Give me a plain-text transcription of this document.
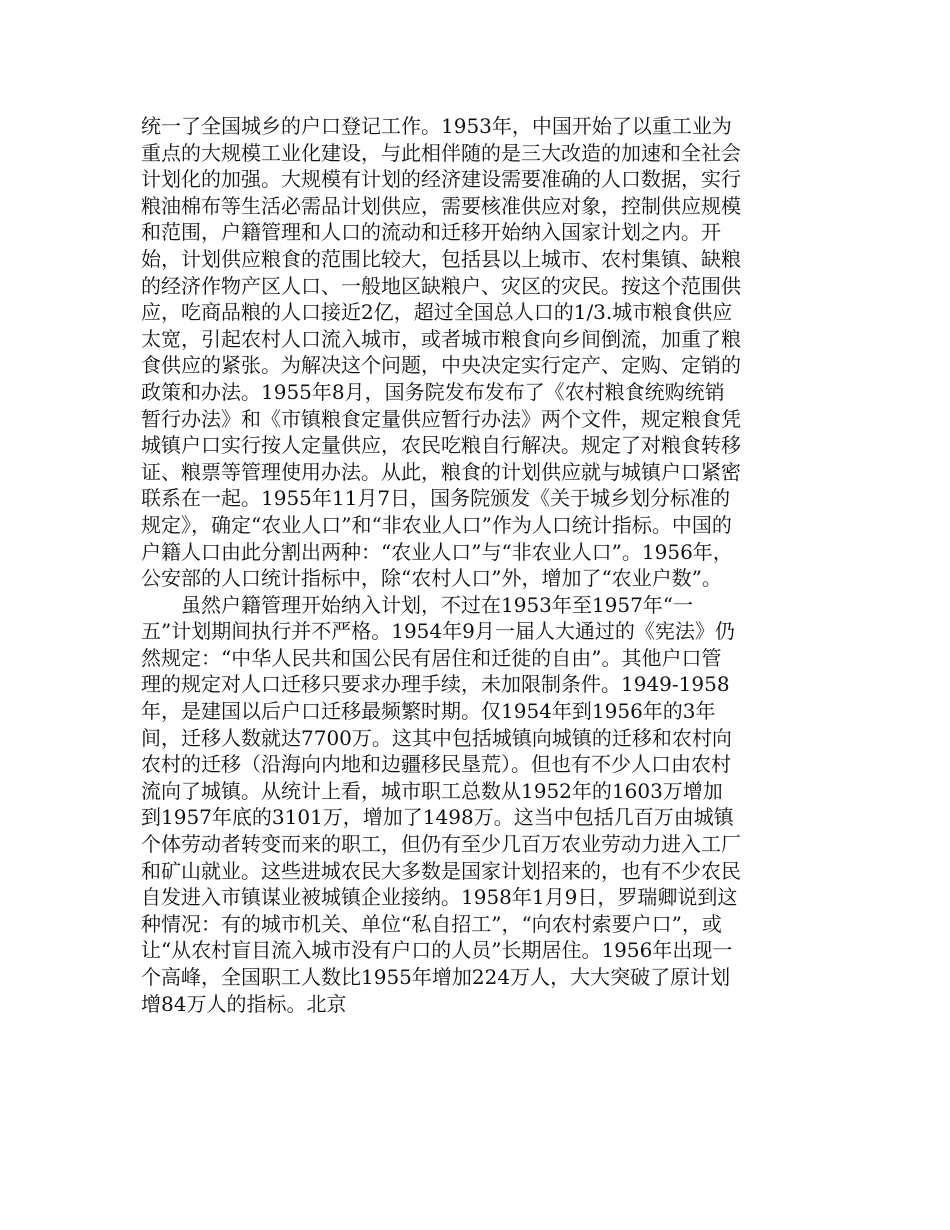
统一了全国城乡的户口登记工作。1953年，中国开始了以重工业为重点的大规模工业化建设，与此相伴随的是三大改造的加速和全社会计划化的加强。大规模有计划的经济建设需要准确的人口数据，实行粮油棉布等生活必需品计划供应，需要核准供应对象，控制供应规模和范围，户籍管理和人口的流动和迁移开始纳入国家计划之内。开始，计划供应粮食的范围比较大，包括县以上城市、农村集镇、缺粮的经济作物产区人口、一般地区缺粮户、灾区的灾民。按这个范围供应，吃商品粮的人口接近2亿，超过全国总人口的1/3.城市粮食供应太宽，引起农村人口流入城市，或者城市粮食向乡间倒流，加重了粮食供应的紧张。为解决这个问题，中央决定实行定产、定购、定销的政策和办法。1955年8月，国务院发布发布了《农村粮食统购统销暂行办法》和《市镇粮食定量供应暂行办法》两个文件，规定粮食凭城镇户口实行按人定量供应，农民吃粮自行解决。规定了对粮食转移证、粮票等管理使用办法。从此，粮食的计划供应就与城镇户口紧密联系在一起。1955年11月7日，国务院颁发《关于城乡划分标准的规定》，确定“农业人口”和“非农业人口”作为人口统计指标。中国的户籍人口由此分割出两种：“农业人口”与“非农业人口”。1956年，公安部的人口统计指标中，除“农村人口”外，增加了“农业户数”。

虽然户籍管理开始纳入计划，不过在1953年至1957年“一五”计划期间执行并不严格。1954年9月一届人大通过的《宪法》仍然规定：“中华人民共和国公民有居住和迁徙的自由”。其他户口管理的规定对人口迁移只要求办理手续，未加限制条件。1949-1958年，是建国以后户口迁移最频繁时期。仅1954年到1956年的3年间，迁移人数就达7700万。这其中包括城镇向城镇的迁移和农村向农村的迁移（沿海向内地和边疆移民垦荒）。但也有不少人口由农村流向了城镇。从统计上看，城市职工总数从1952年的1603万增加到1957年底的3101万，增加了1498万。这当中包括几百万由城镇个体劳动者转变而来的职工，但仍有至少几百万农业劳动力进入工厂和矿山就业。这些进城农民大多数是国家计划招来的，也有不少农民自发进入市镇谋业被城镇企业接纳。1958年1月9日，罗瑞卿说到这种情况：有的城市机关、单位“私自招工”，“向农村索要户口”，或让“从农村盲目流入城市没有户口的人员”长期居住。1956年出现一个高峰，全国职工人数比1955年增加224万人，大大突破了原计划增84万人的指标。北京
